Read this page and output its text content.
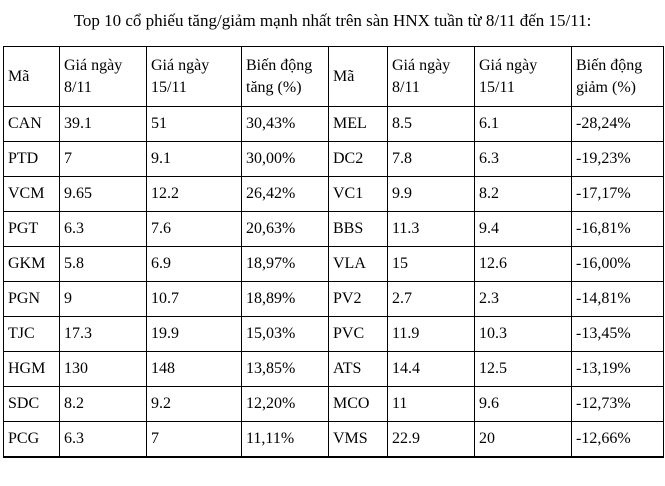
Top 10 cổ phiếu tăng/giảm mạnh nhất trên sàn HNX tuần từ 8/11 đến 15/11:

Mã	Giá ngày 8/11	Giá ngày 15/11	Biến động tăng (%)	Mã	Giá ngày 8/11	Giá ngày 15/11	Biến động giảm (%)
CAN	39.1	51	30,43%	MEL	8.5	6.1	-28,24%
PTD	7	9.1	30,00%	DC2	7.8	6.3	-19,23%
VCM	9.65	12.2	26,42%	VC1	9.9	8.2	-17,17%
PGT	6.3	7.6	20,63%	BBS	11.3	9.4	-16,81%
GKM	5.8	6.9	18,97%	VLA	15	12.6	-16,00%
PGN	9	10.7	18,89%	PV2	2.7	2.3	-14,81%
TJC	17.3	19.9	15,03%	PVC	11.9	10.3	-13,45%
HGM	130	148	13,85%	ATS	14.4	12.5	-13,19%
SDC	8.2	9.2	12,20%	MCO	11	9.6	-12,73%
PCG	6.3	7	11,11%	VMS	22.9	20	-12,66%
